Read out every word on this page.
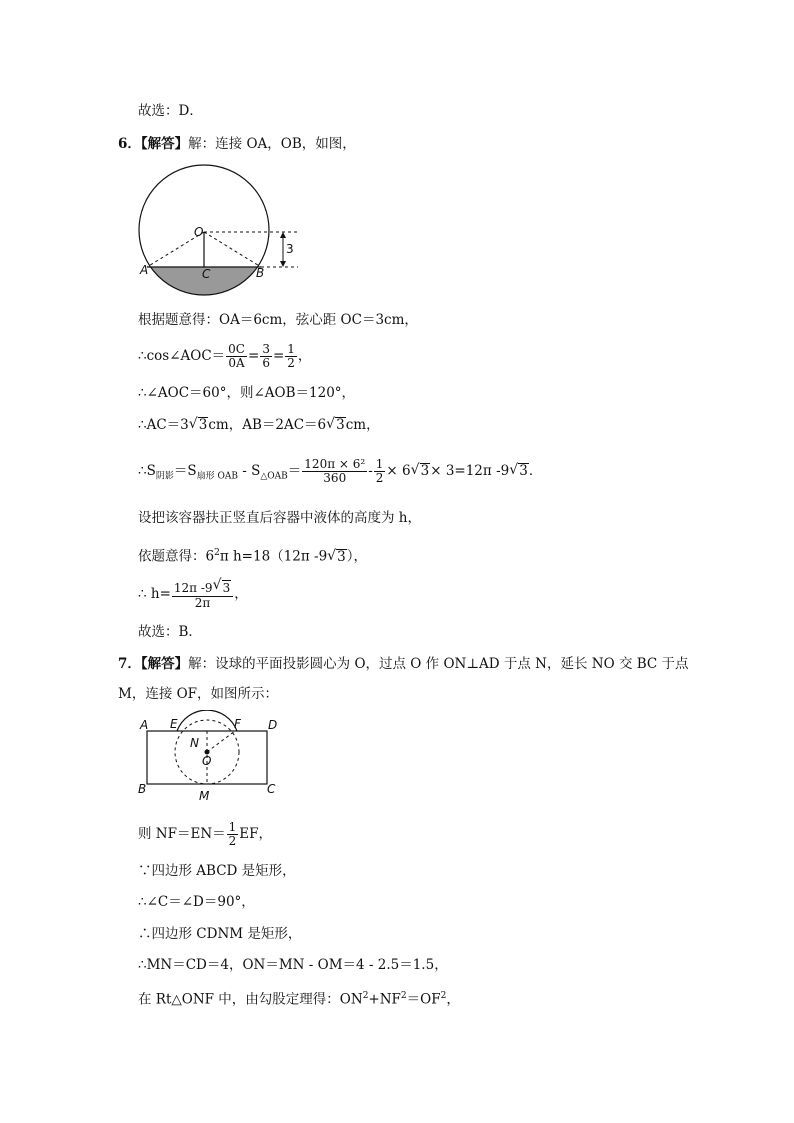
故选：D．
6．【解答】解：连接 OA，OB，如图，
O
A	B
C
3
根据题意得：OA＝6cm，弦心距 OC＝3cm，
∴cos∠AOC＝ $\frac{0C}{0A} = \frac{3}{6} = \frac{1}{2}$ ，
∴∠AOC＝60°，则∠AOB＝120°，
∴AC＝3 √ 3cm，AB＝2AC＝6 √ 3cm，
$\therefore S_{阴影}=S_{扇形 OAB} - S_{\triangle OAB}= \frac{\text{120π × 6²}}{360} - \frac{1}{2} \times 6$ √ 3× 3=12π -9 √ 3．
设把该容器扶正竖直后容器中液体的高度为 h，
依题意得：$6^2\pi$ h=18（12π -9 √ 3），
∴ $h= \frac{12\pi -9 √ 3}{2\pi}$ ，
故选：B．
7．【解答】解：设球的平面投影圆心为 O，过点 O 作 ON⊥AD 于点 N，延长 NO 交 BC 于点
M，连接 OF，如图所示：
A E	F D
N
O
B	M	C
则 $NF=EN= \frac{1}{2}$ EF，
∵四边形 ABCD 是矩形，
∴∠C＝∠D＝90°，
∴四边形 CDNM 是矩形，
∴MN＝CD＝4，ON＝MN - OM＝4 - 2.5＝1.5，
在 Rt△ONF 中，由勾股定理得：$ON^2+NF^2=OF^2$，
